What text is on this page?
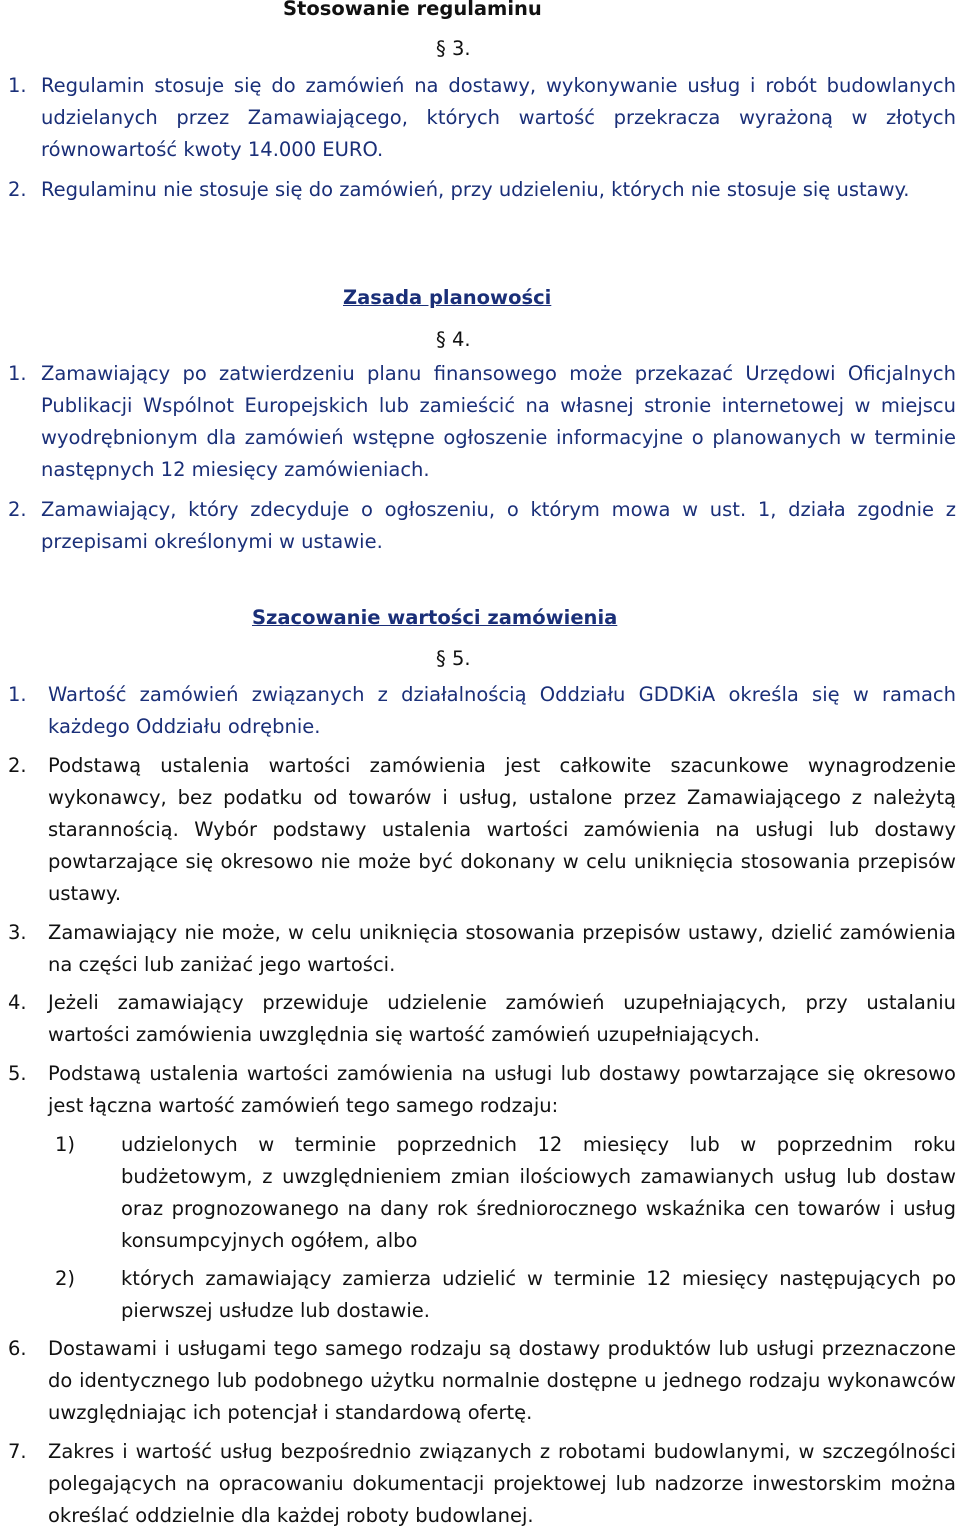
Stosowanie regulaminu
§ 3.
1. Regulamin stosuje się do zamówień na dostawy, wykonywanie usług i robót budowlanych udzielanych przez Zamawiającego, których wartość przekracza wyrażoną w złotych równowartość kwoty 14.000 EURO.
2. Regulaminu nie stosuje się do zamówień, przy udzieleniu, których nie stosuje się ustawy.
Zasada planowości
§ 4.
1. Zamawiający po zatwierdzeniu planu finansowego może przekazać Urzędowi Oficjalnych Publikacji Wspólnot Europejskich lub zamieścić na własnej stronie internetowej w miejscu wyodrębnionym dla zamówień wstępne ogłoszenie informacyjne o planowanych w terminie następnych 12 miesięcy zamówieniach.
2. Zamawiający, który zdecyduje o ogłoszeniu, o którym mowa w ust. 1, działa zgodnie z przepisami określonymi w ustawie.
Szacowanie wartości zamówienia
§ 5.
1. Wartość zamówień związanych z działalnością Oddziału GDDKiA określa się w ramach każdego Oddziału odrębnie.
2. Podstawą ustalenia wartości zamówienia jest całkowite szacunkowe wynagrodzenie wykonawcy, bez podatku od towarów i usług, ustalone przez Zamawiającego z należytą starannością. Wybór podstawy ustalenia wartości zamówienia na usługi lub dostawy powtarzające się okresowo nie może być dokonany w celu uniknięcia stosowania przepisów ustawy.
3. Zamawiający nie może, w celu uniknięcia stosowania przepisów ustawy, dzielić zamówienia na części lub zaniżać jego wartości.
4. Jeżeli zamawiający przewiduje udzielenie zamówień uzupełniających, przy ustalaniu wartości zamówienia uwzględnia się wartość zamówień uzupełniających.
5. Podstawą ustalenia wartości zamówienia na usługi lub dostawy powtarzające się okresowo jest łączna wartość zamówień tego samego rodzaju:
1) udzielonych w terminie poprzednich 12 miesięcy lub w poprzednim roku budżetowym, z uwzględnieniem zmian ilościowych zamawianych usług lub dostaw oraz prognozowanego na dany rok średniorocznego wskaźnika cen towarów i usług konsumpcyjnych ogółem, albo
2) których zamawiający zamierza udzielić w terminie 12 miesięcy następujących po pierwszej usłudze lub dostawie.
6. Dostawami i usługami tego samego rodzaju są dostawy produktów lub usługi przeznaczone do identycznego lub podobnego użytku normalnie dostępne u jednego rodzaju wykonawców uwzględniając ich potencjał i standardową ofertę.
7. Zakres i wartość usług bezpośrednio związanych z robotami budowlanymi, w szczególności polegających na opracowaniu dokumentacji projektowej lub nadzorze inwestorskim można określać oddzielnie dla każdej roboty budowlanej.
